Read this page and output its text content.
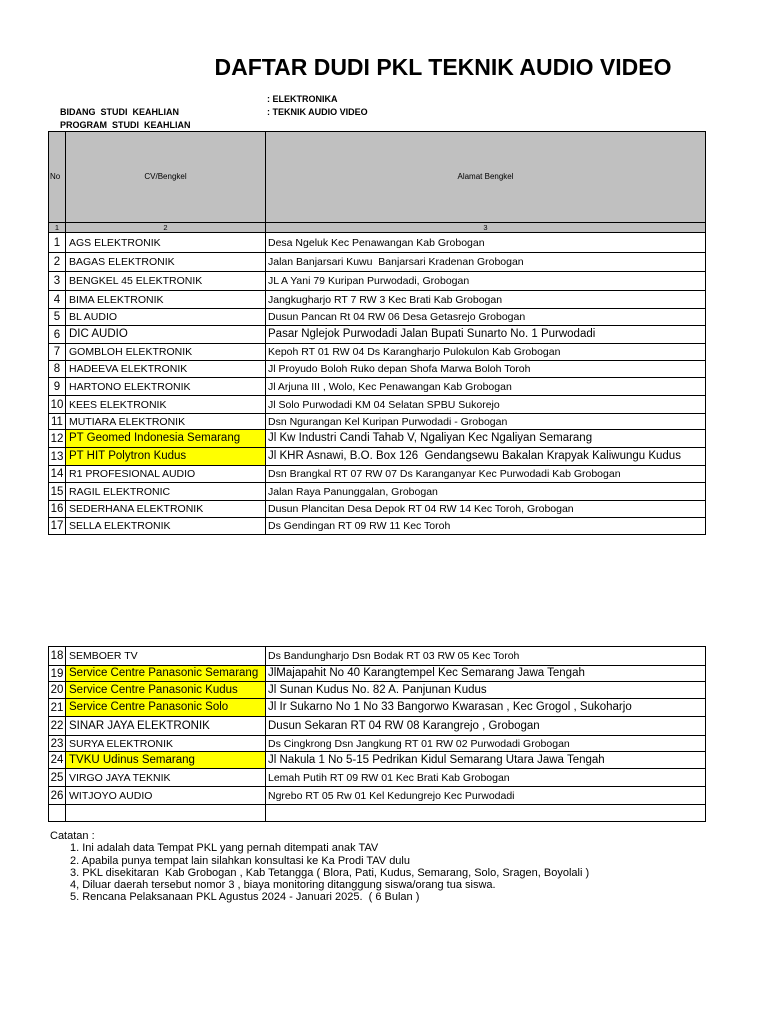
DAFTAR DUDI PKL TEKNIK AUDIO VIDEO

BIDANG  STUDI  KEAHLIAN

: ELEKTRONIKA

PROGRAM  STUDI  KEAHLIAN

: TEKNIK AUDIO VIDEO

No	CV/Bengkel	Alamat Bengkel
1	2	3
1	AGS ELEKTRONIK	Desa Ngeluk Kec Penawangan Kab Grobogan
2	BAGAS ELEKTRONIK	Jalan Banjarsari Kuwu  Banjarsari Kradenan Grobogan
3	BENGKEL 45 ELEKTRONIK	JL A Yani 79 Kuripan Purwodadi, Grobogan
4	BIMA ELEKTRONIK	Jangkugharjo RT 7 RW 3 Kec Brati Kab Grobogan
5	BL AUDIO	Dusun Pancan Rt 04 RW 06 Desa Getasrejo Grobogan
6	DIC AUDIO	Pasar Nglejok Purwodadi Jalan Bupati Sunarto No. 1 Purwodadi
7	GOMBLOH ELEKTRONIK	Kepoh RT 01 RW 04 Ds Karangharjo Pulokulon Kab Grobogan
8	HADEEVA ELEKTRONIK	Jl Proyudo Boloh Ruko depan Shofa Marwa Boloh Toroh
9	HARTONO ELEKTRONIK	Jl Arjuna III , Wolo, Kec Penawangan Kab Grobogan
10	KEES ELEKTRONIK	Jl Solo Purwodadi KM 04 Selatan SPBU Sukorejo
11	MUTIARA ELEKTRONIK	Dsn Ngurangan Kel Kuripan Purwodadi - Grobogan
12	PT Geomed Indonesia Semarang	Jl Kw Industri Candi Tahab V, Ngaliyan Kec Ngaliyan Semarang
13	PT HIT Polytron Kudus	Jl KHR Asnawi, B.O. Box 126  Gendangsewu Bakalan Krapyak Kaliwungu Kudus
14	R1 PROFESIONAL AUDIO	Dsn Brangkal RT 07 RW 07 Ds Karanganyar Kec Purwodadi Kab Grobogan
15	RAGIL ELEKTRONIC	Jalan Raya Panunggalan, Grobogan
16	SEDERHANA ELEKTRONIK	Dusun Plancitan Desa Depok RT 04 RW 14 Kec Toroh, Grobogan
17	SELLA ELEKTRONIK	Ds Gendingan RT 09 RW 11 Kec Toroh
18	SEMBOER TV	Ds Bandungharjo Dsn Bodak RT 03 RW 05 Kec Toroh
19	Service Centre Panasonic Semarang	JlMajapahit No 40 Karangtempel Kec Semarang Jawa Tengah
20	Service Centre Panasonic Kudus	Jl Sunan Kudus No. 82 A. Panjunan Kudus
21	Service Centre Panasonic Solo	Jl Ir Sukarno No 1 No 33 Bangorwo Kwarasan , Kec Grogol , Sukoharjo
22	SINAR JAYA ELEKTRONIK	Dusun Sekaran RT 04 RW 08 Karangrejo , Grobogan
23	SURYA ELEKTRONIK	Ds Cingkrong Dsn Jangkung RT 01 RW 02 Purwodadi Grobogan
24	TVKU Udinus Semarang	Jl Nakula 1 No 5-15 Pedrikan Kidul Semarang Utara Jawa Tengah
25	VIRGO JAYA TEKNIK	Lemah Putih RT 09 RW 01 Kec Brati Kab Grobogan
26	WITJOYO AUDIO	Ngrebo RT 05 Rw 01 Kel Kedungrejo Kec Purwodadi

Catatan :
1. Ini adalah data Tempat PKL yang pernah ditempati anak TAV
2. Apabila punya tempat lain silahkan konsultasi ke Ka Prodi TAV dulu
3. PKL disekitaran  Kab Grobogan , Kab Tetangga ( Blora, Pati, Kudus, Semarang, Solo, Sragen, Boyolali )
4, Diluar daerah tersebut nomor 3 , biaya monitoring ditanggung siswa/orang tua siswa.
5. Rencana Pelaksanaan PKL Agustus 2024 - Januari 2025.  ( 6 Bulan )
